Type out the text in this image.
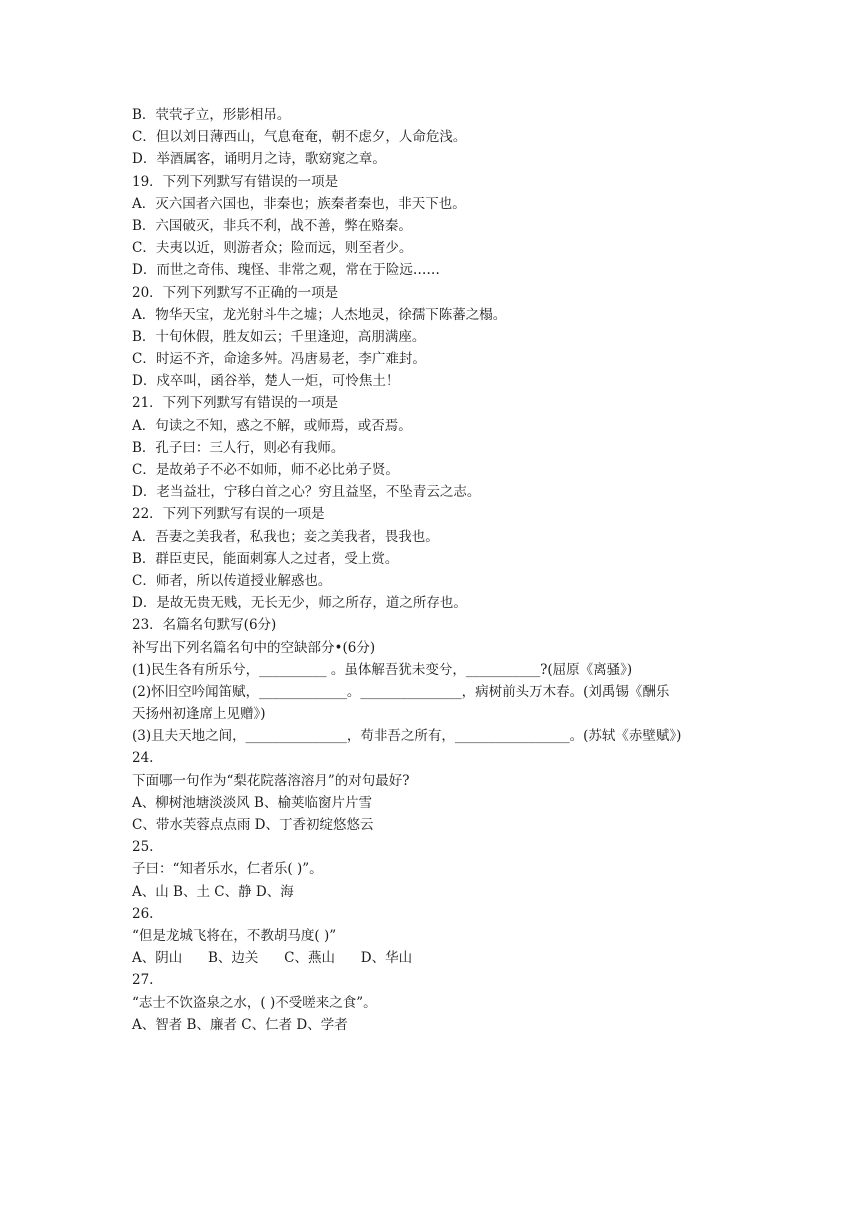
B．茕茕孑立，形影相吊。
C．但以刘日薄西山，气息奄奄，朝不虑夕，人命危浅。
D．举酒属客，诵明月之诗，歌窈窕之章。
19．下列下列默写有错误的一项是
A．灭六国者六国也，非秦也；族秦者秦也，非天下也。
B．六国破灭，非兵不利，战不善，弊在赂秦。
C．夫夷以近，则游者众；险而远，则至者少。
D．而世之奇伟、瑰怪、非常之观，常在于险远……
20．下列下列默写不正确的一项是
A．物华天宝，龙光射斗牛之墟；人杰地灵，徐孺下陈蕃之榻。
B．十旬休假，胜友如云；千里逢迎，高朋满座。
C．时运不齐，命途多舛。冯唐易老，李广难封。
D．戍卒叫，函谷举，楚人一炬，可怜焦土！
21．下列下列默写有错误的一项是
A．句读之不知，惑之不解，或师焉，或否焉。
B．孔子曰：三人行，则必有我师。
C．是故弟子不必不如师，师不必比弟子贤。
D．老当益壮，宁移白首之心？穷且益坚，不坠青云之志。
22．下列下列默写有误的一项是
A．吾妻之美我者，私我也；妾之美我者，畏我也。
B．群臣吏民，能面刺寡人之过者，受上赏。
C．师者，所以传道授业解惑也。
D．是故无贵无贱，无长无少，师之所存，道之所存也。
23．名篇名句默写(6分)
补写出下列名篇名句中的空缺部分•(6分)
(1)民生各有所乐兮，__________ 。虽体解吾犹未变兮，___________?(屈原《离骚》)
(2)怀旧空吟闻笛赋，_____________。_______________，病树前头万木春。(刘禹锡《酬乐
天扬州初逢席上见赠》)
(3)且夫天地之间，_______________，苟非吾之所有，_________________。(苏轼《赤壁赋》)
24.
下面哪一句作为“梨花院落溶溶月”的对句最好?
A、柳树池塘淡淡风 B、榆荚临窗片片雪
C、带水芙蓉点点雨 D、丁香初绽悠悠云
25.
子曰：“知者乐水，仁者乐( )”。
A、山 B、土 C、静 D、海
26.
“但是龙城飞将在，不教胡马度( )”
A、阴山      B、边关      C、燕山      D、华山
27.
“志士不饮盗泉之水，( )不受嗟来之食”。
A、智者 B、廉者 C、仁者 D、学者
